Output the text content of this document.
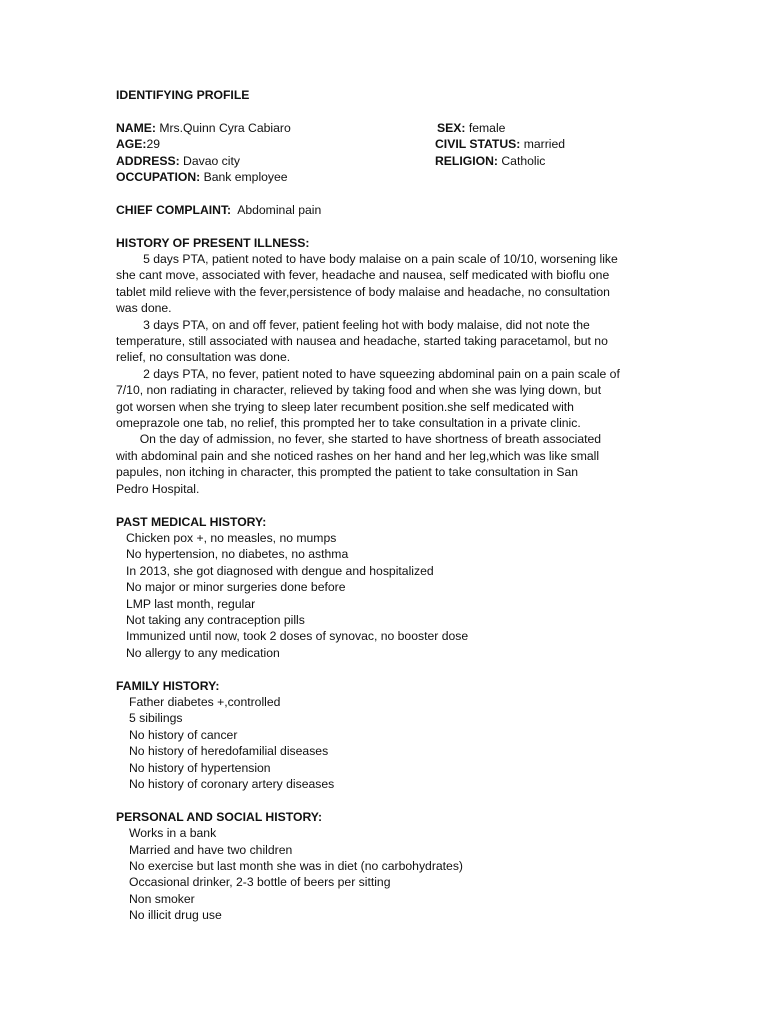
IDENTIFYING PROFILE

NAME: Mrs.Quinn Cyra Cabiaro	SEX: female
AGE:29	CIVIL STATUS: married
ADDRESS: Davao city	RELIGION: Catholic
OCCUPATION: Bank employee

CHIEF COMPLAINT: Abdominal pain

HISTORY OF PRESENT ILLNESS:

5 days PTA, patient noted to have body malaise on a pain scale of 10/10, worsening like

she cant move, associated with fever, headache and nausea, self medicated with bioflu one

tablet mild relieve with the fever,persistence of body malaise and headache, no consultation

was done.

3 days PTA, on and off fever, patient feeling hot with body malaise, did not note the

temperature, still associated with nausea and headache, started taking paracetamol, but no

relief, no consultation was done.

2 days PTA, no fever, patient noted to have squeezing abdominal pain on a pain scale of

7/10, non radiating in character, relieved by taking food and when she was lying down, but

got worsen when she trying to sleep later recumbent position.she self medicated with

omeprazole one tab, no relief, this prompted her to take consultation in a private clinic.

On the day of admission, no fever, she started to have shortness of breath associated

with abdominal pain and she noticed rashes on her hand and her leg,which was like small

papules, non itching in character, this prompted the patient to take consultation in San

Pedro Hospital.

PAST MEDICAL HISTORY:

Chicken pox +, no measles, no mumps

No hypertension, no diabetes, no asthma

In 2013, she got diagnosed with dengue and hospitalized

No major or minor surgeries done before

LMP last month, regular

Not taking any contraception pills

Immunized until now, took 2 doses of synovac, no booster dose

No allergy to any medication

FAMILY HISTORY:

Father diabetes +,controlled

5 sibilings

No history of cancer

No history of heredofamilial diseases

No history of hypertension

No history of coronary artery diseases

PERSONAL AND SOCIAL HISTORY:

Works in a bank

Married and have two children

No exercise but last month she was in diet (no carbohydrates)

Occasional drinker, 2-3 bottle of beers per sitting

Non smoker

No illicit drug use
